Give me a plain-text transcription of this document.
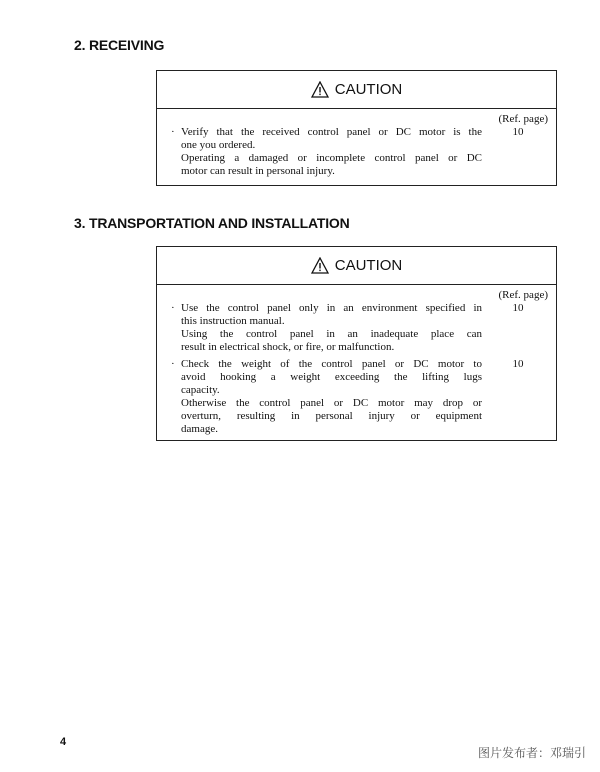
2. RECEIVING
CAUTION
(Ref. page)
· Verify that the received control panel or DC motor is the
one you ordered.
Operating a damaged or incomplete control panel or DC
motor can result in personal injury.
10
3. TRANSPORTATION AND INSTALLATION
CAUTION
(Ref. page)
· Use the control panel only in an environment specified in
this instruction manual.
Using the control panel in an inadequate place can
result in electrical shock, or fire, or malfunction.
10
· Check the weight of the control panel or DC motor to
avoid hooking a weight exceeding the lifting lugs
capacity.
Otherwise the control panel or DC motor may drop or
overturn, resulting in personal injury or equipment
damage.
10
4
图片发布者：邓瑞引
